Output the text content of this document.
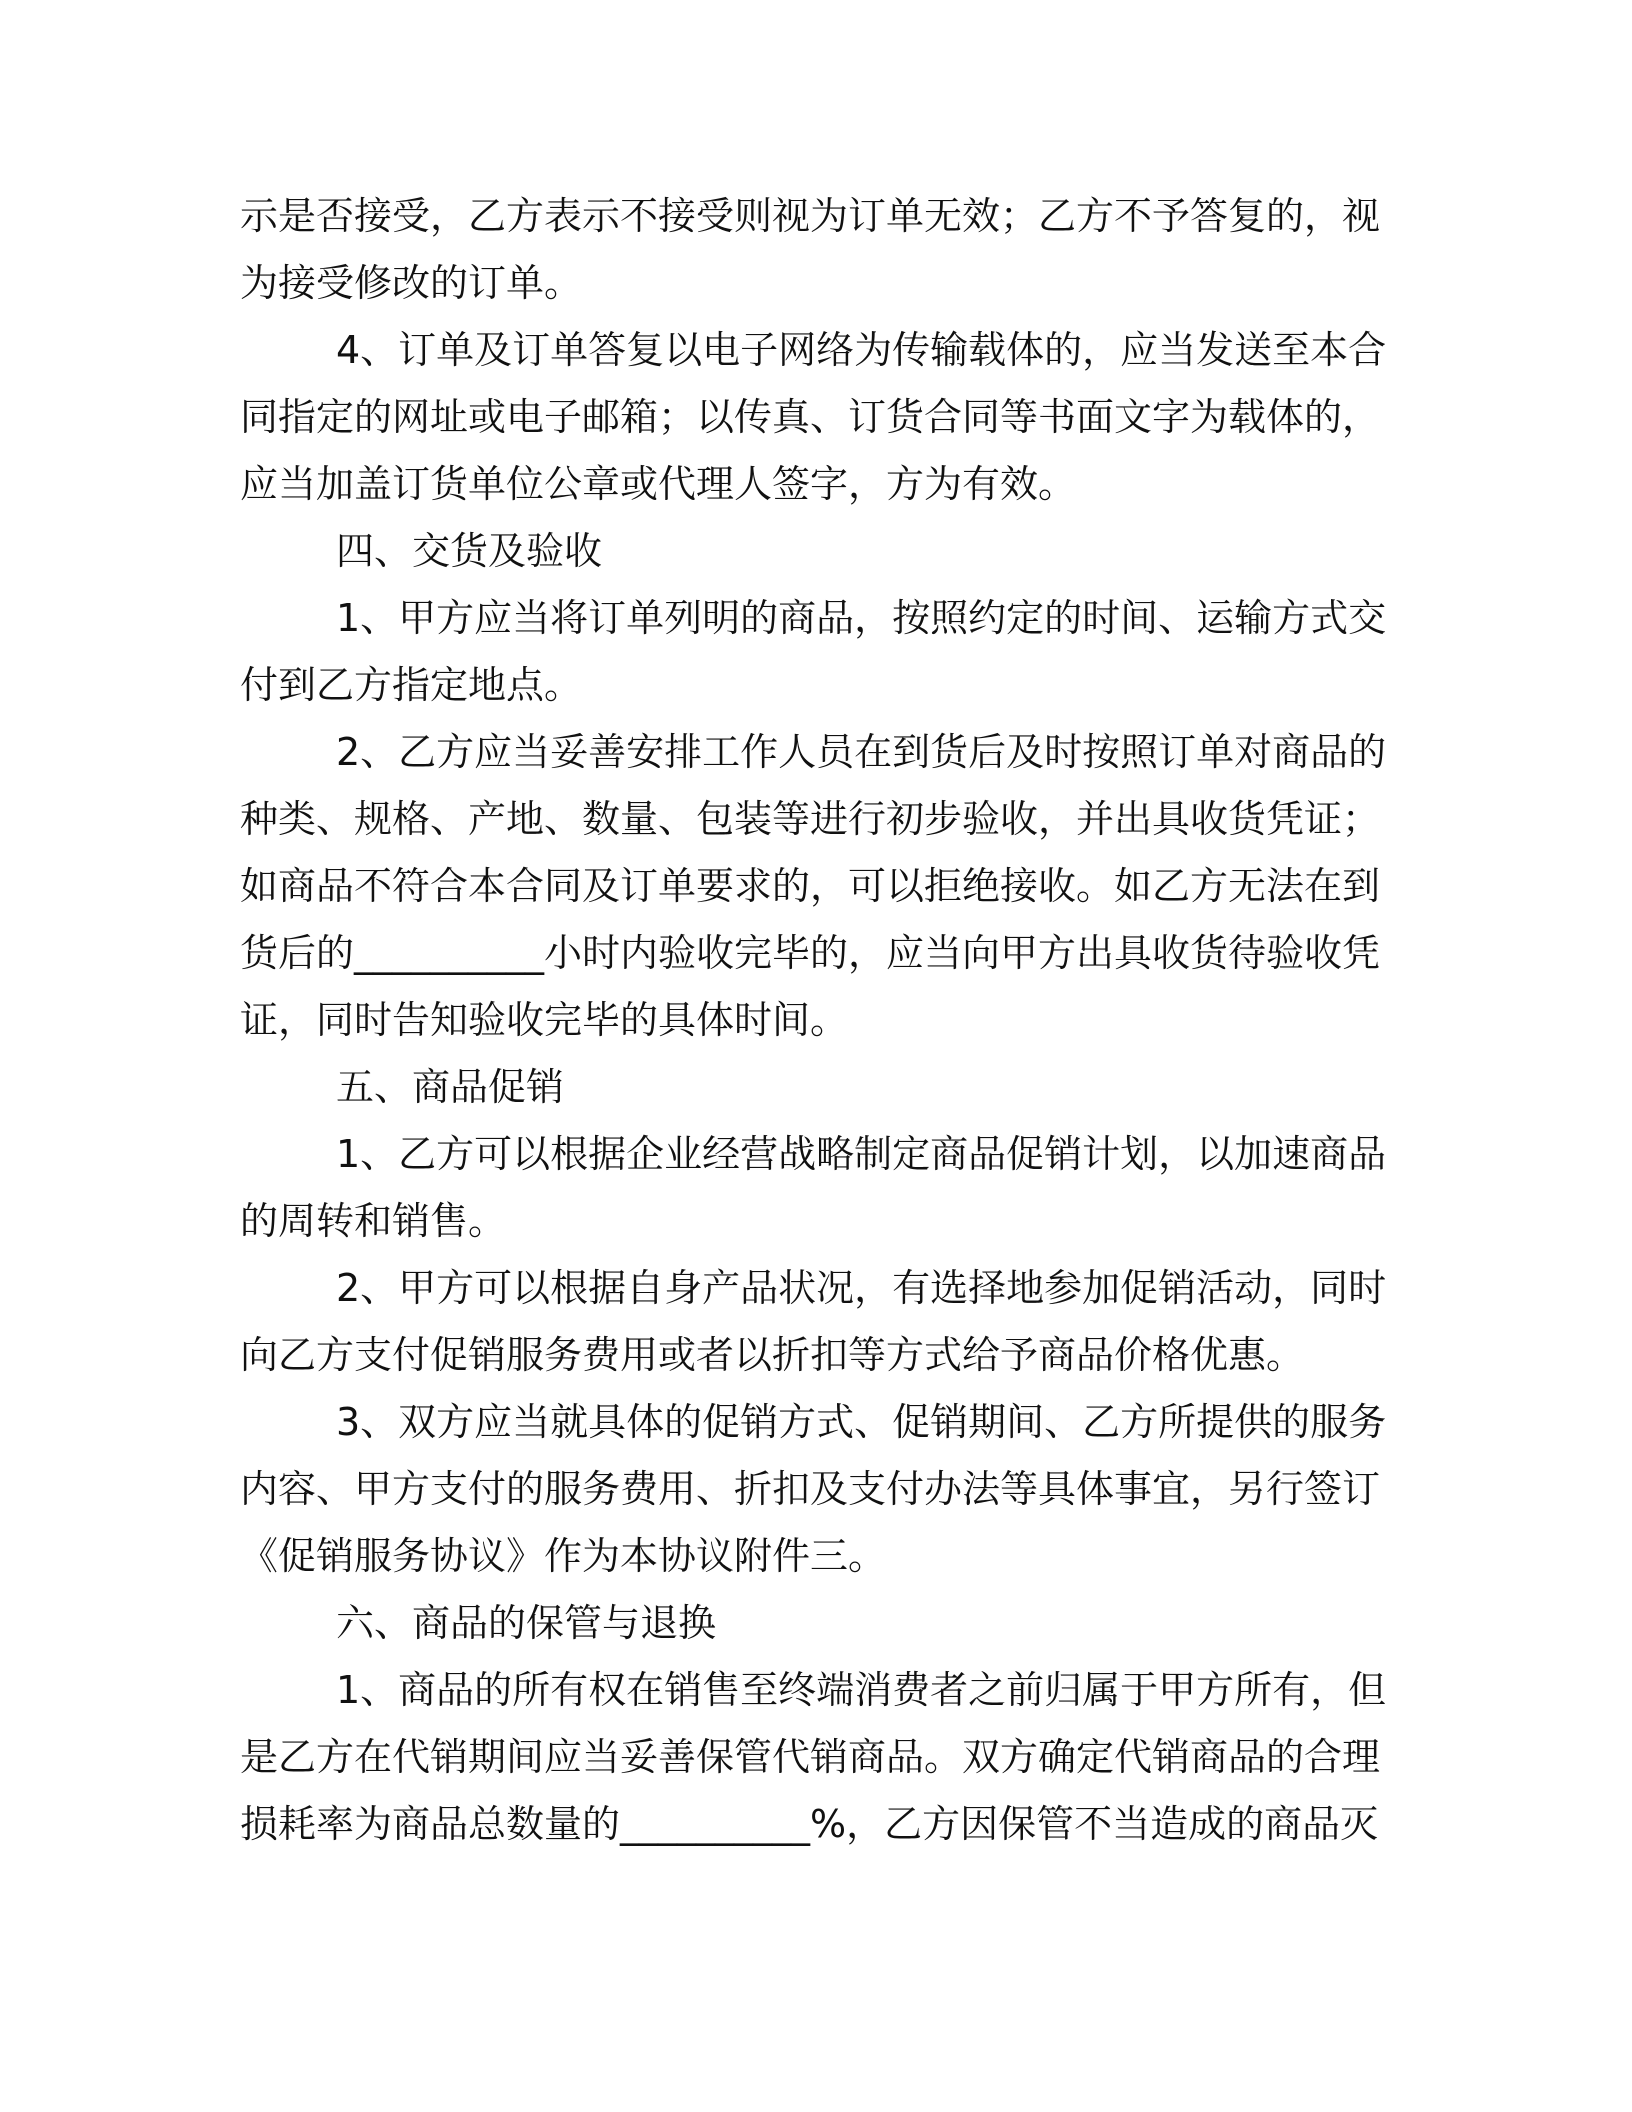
示是否接受，乙方表示不接受则视为订单无效；乙方不予答复的，视

为接受修改的订单。

4、订单及订单答复以电子网络为传输载体的，应当发送至本合

同指定的网址或电子邮箱；以传真、订货合同等书面文字为载体的，

应当加盖订货单位公章或代理人签字，方为有效。

四、交货及验收

1、甲方应当将订单列明的商品，按照约定的时间、运输方式交

付到乙方指定地点。

2、乙方应当妥善安排工作人员在到货后及时按照订单对商品的

种类、规格、产地、数量、包装等进行初步验收，并出具收货凭证；

如商品不符合本合同及订单要求的，可以拒绝接收。如乙方无法在到

货后的__________小时内验收完毕的，应当向甲方出具收货待验收凭

证，同时告知验收完毕的具体时间。

五、商品促销

1、乙方可以根据企业经营战略制定商品促销计划，以加速商品

的周转和销售。

2、甲方可以根据自身产品状况，有选择地参加促销活动，同时

向乙方支付促销服务费用或者以折扣等方式给予商品价格优惠。

3、双方应当就具体的促销方式、促销期间、乙方所提供的服务

内容、甲方支付的服务费用、折扣及支付办法等具体事宜，另行签订

《促销服务协议》作为本协议附件三。

六、商品的保管与退换

1、商品的所有权在销售至终端消费者之前归属于甲方所有，但

是乙方在代销期间应当妥善保管代销商品。双方确定代销商品的合理

损耗率为商品总数量的__________%，乙方因保管不当造成的商品灭
